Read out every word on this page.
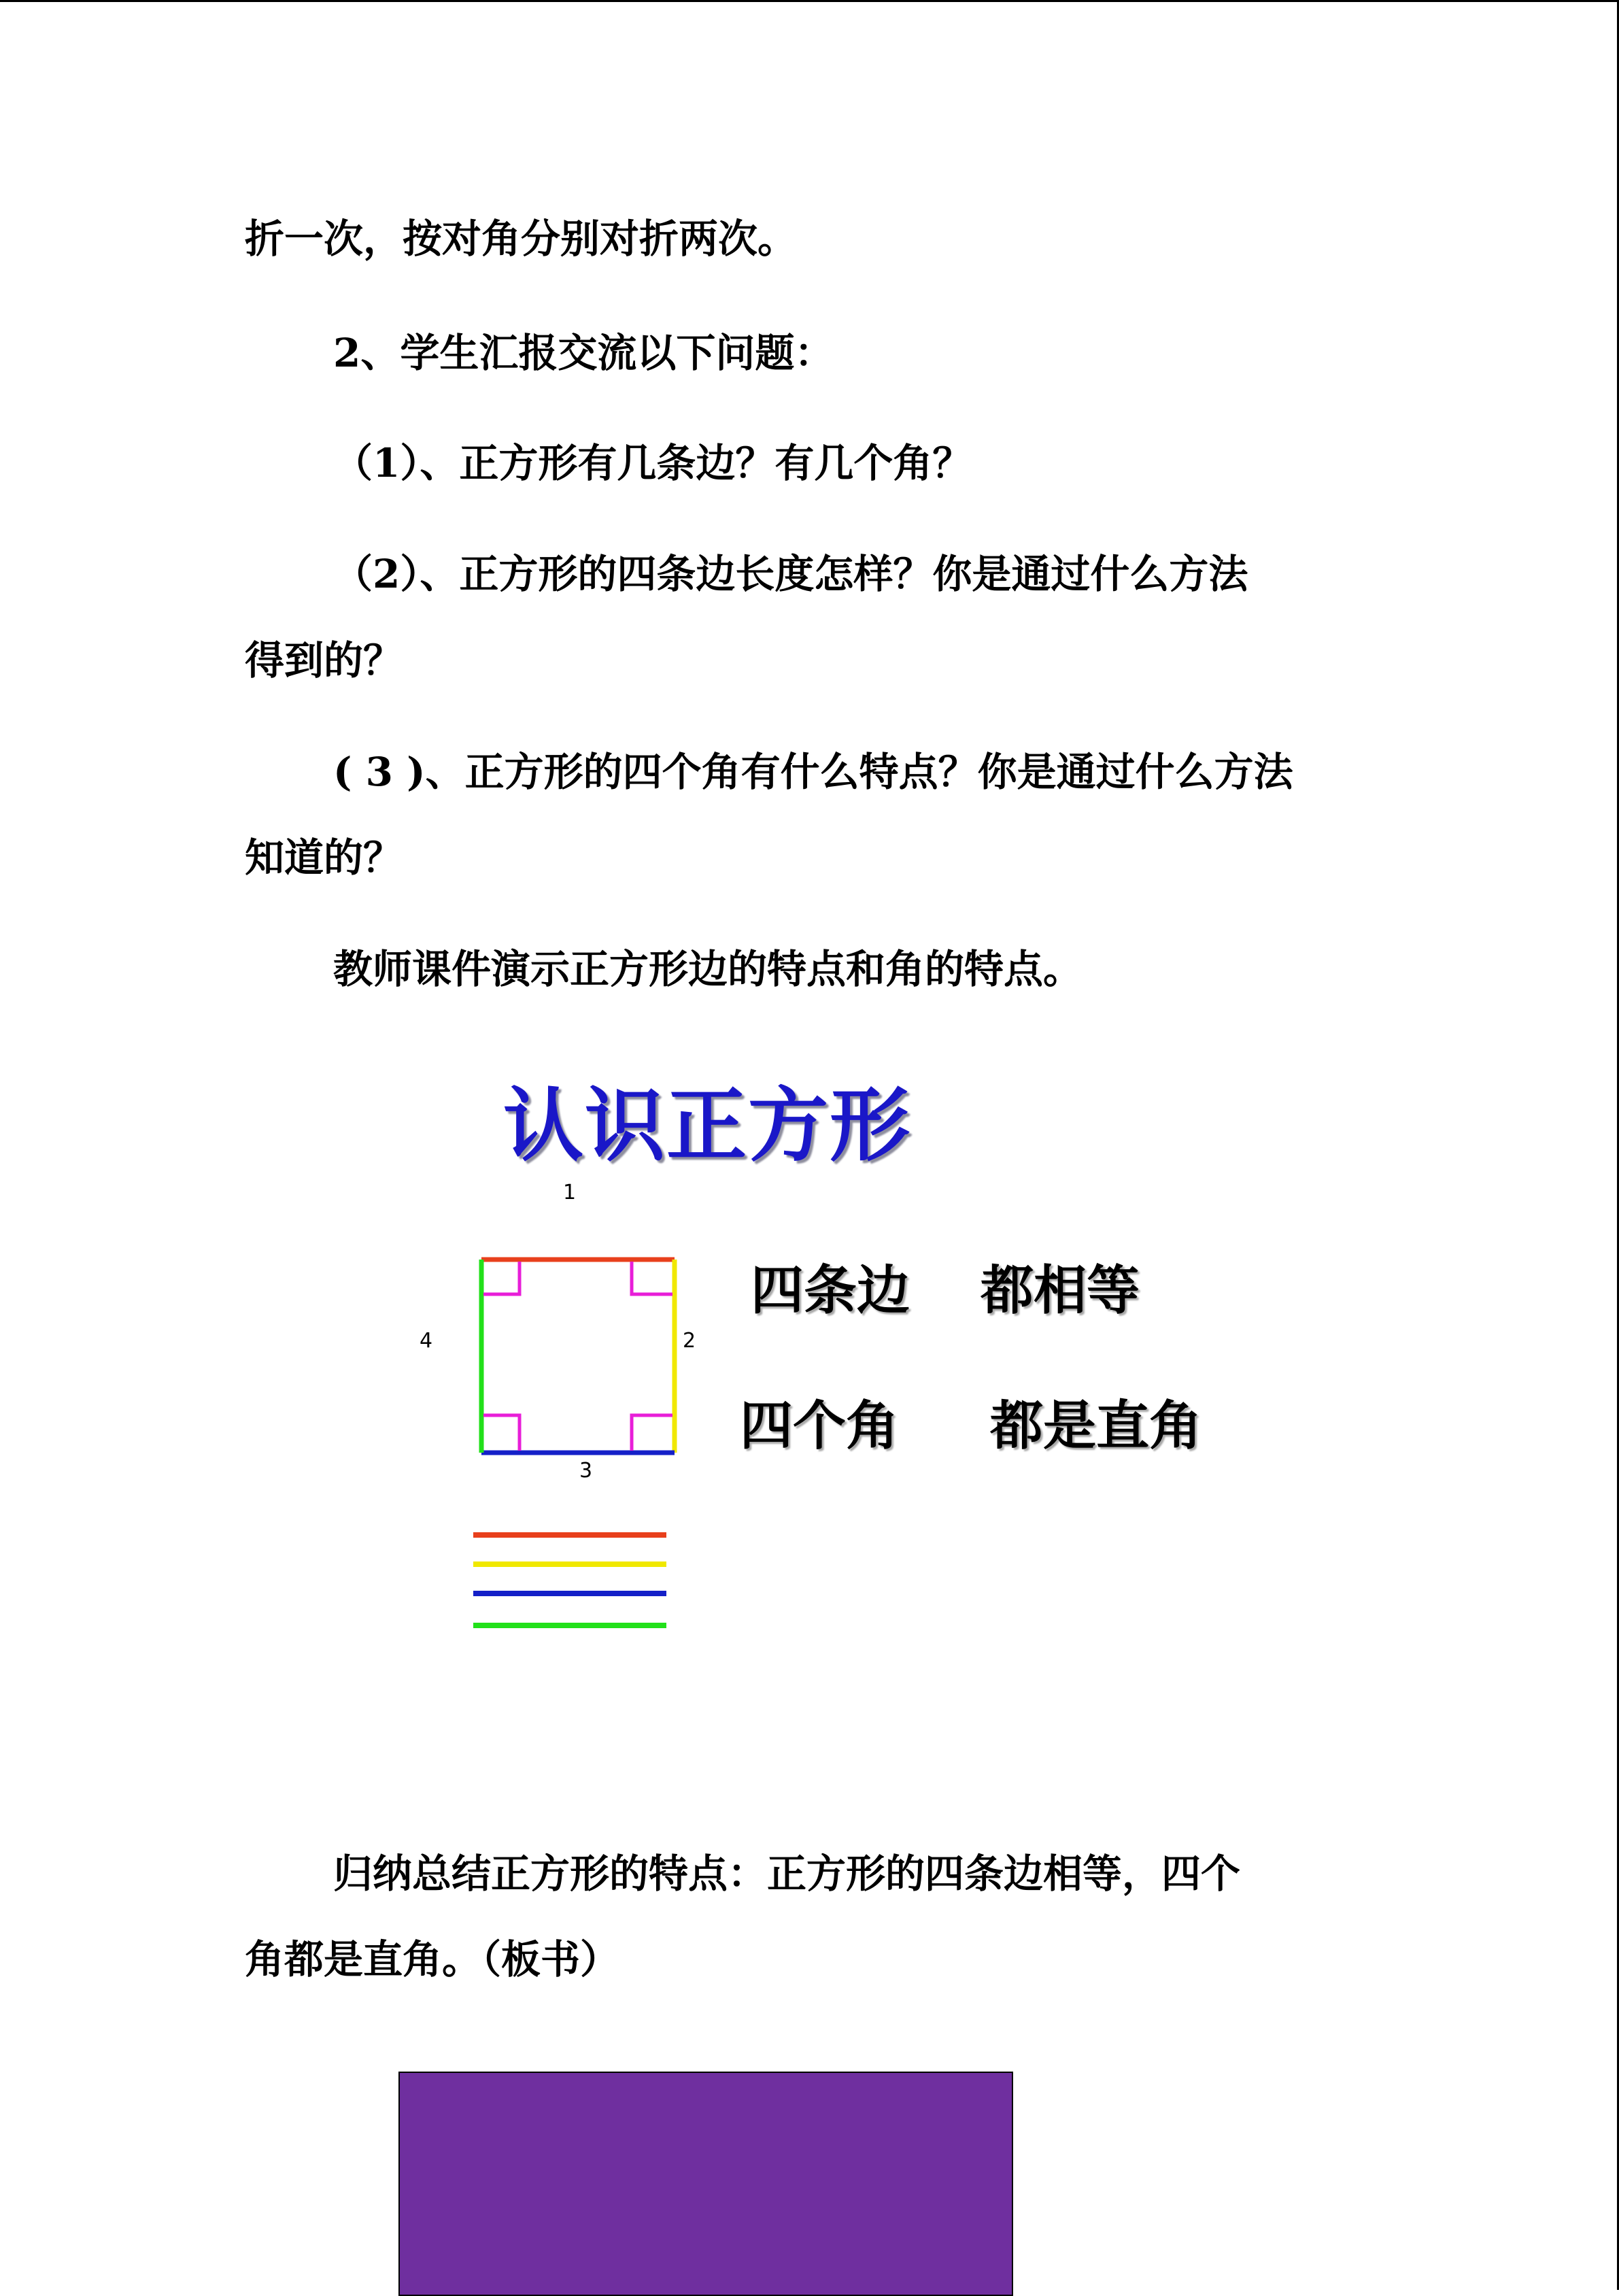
折一次，按对角分别对折两次。
2、学生汇报交流以下问题：
（1）、正方形有几条边？有几个角？
（2）、正方形的四条边长度怎样？你是通过什么方法
得到的？
( 3 )、正方形的四个角有什么特点？你是通过什么方法
知道的？
教师课件演示正方形边的特点和角的特点。
认识正方形
1
2
3
4
四条边 都相等
四个角 都是直角
归纳总结正方形的特点：正方形的四条边相等，四个
角都是直角。（板书）
